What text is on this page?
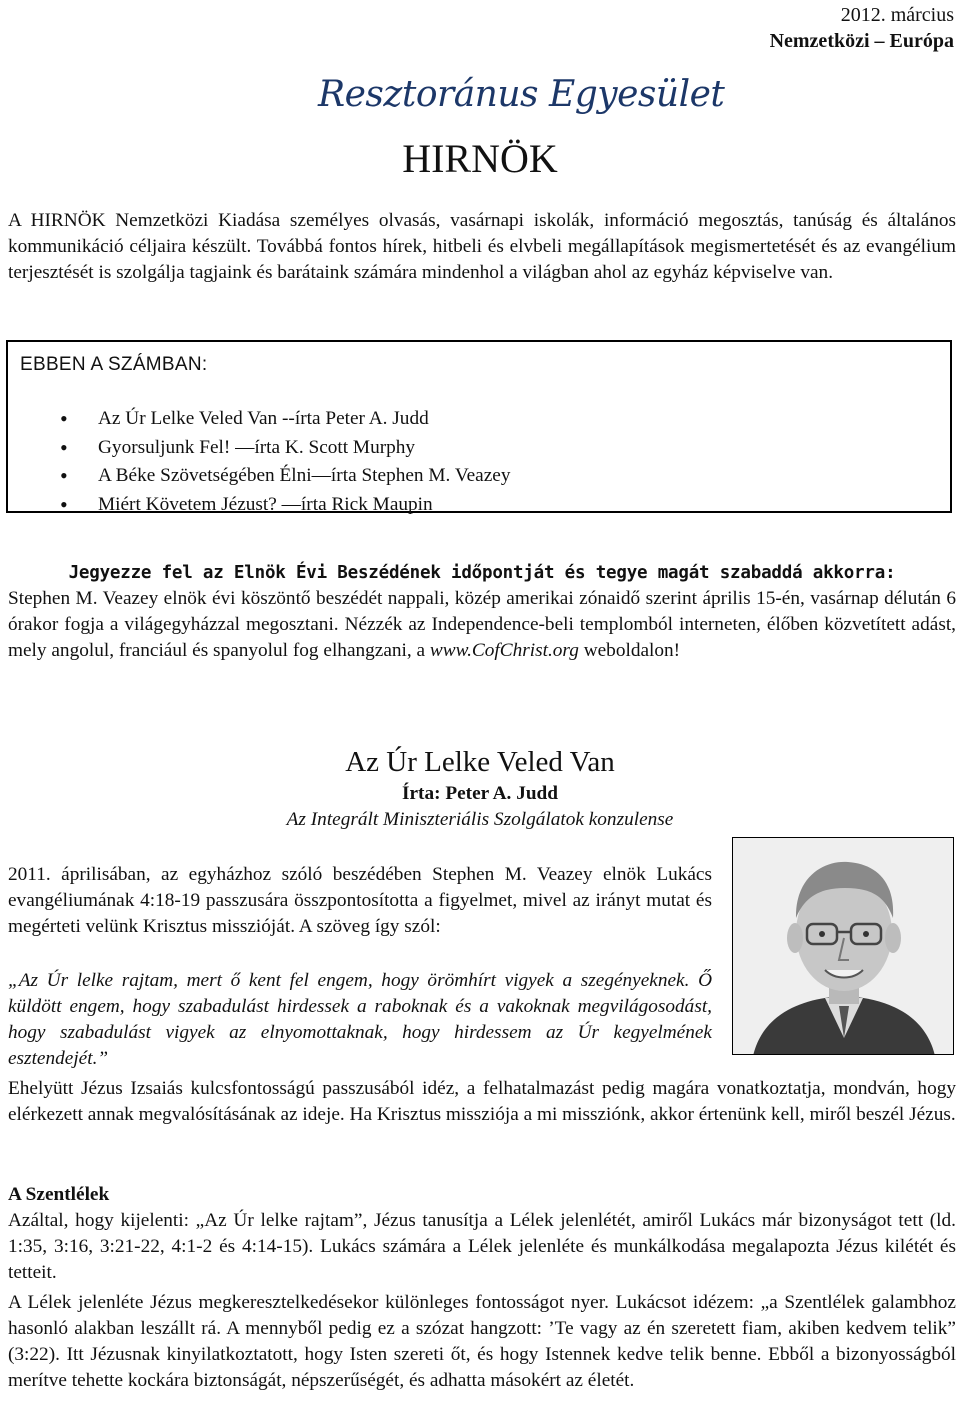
2012. március
Nemzetközi – Európa
Resztoránus Egyesület
HIRNÖK
A HIRNÖK Nemzetközi Kiadása személyes olvasás, vasárnapi iskolák, információ megosztás, tanúság és általános kommunikáció céljaira készült. Továbbá fontos hírek, hitbeli és elvbeli megállapítások megismertetését és az evangélium terjesztését is szolgálja tagjaink és barátaink számára mindenhol a világban ahol az egyház képviselve van.
EBBEN A SZÁMBAN:
• Az Úr Lelke Veled Van --írta Peter A. Judd
• Gyorsuljunk Fel! —írta K. Scott Murphy
• A Béke Szövetségében Élni—írta Stephen M. Veazey
• Miért Követem Jézust? —írta Rick Maupin
Jegyezze fel az Elnök Évi Beszédének időpontját és tegye magát szabaddá akkorra:
Stephen M. Veazey elnök évi köszöntő beszédét nappali, közép amerikai zónaidő szerint április 15-én, vasárnap délután 6 órakor fogja a világegyházzal megosztani. Nézzék az Independence-beli templomból interneten, élőben közvetített adást, mely angolul, franciául és spanyolul fog elhangzani, a www.CofChrist.org weboldalon!
Az Úr Lelke Veled Van
Írta: Peter A. Judd
Az Integrált Miniszteriális Szolgálatok konzulense
2011. áprilisában, az egyházhoz szóló beszédében Stephen M. Veazey elnök Lukács evangéliumának 4:18-19 passzusára összpontosította a figyelmet, mivel az irányt mutat és megérteti velünk Krisztus misszióját. A szöveg így szól:
„Az Úr lelke rajtam, mert ő kent fel engem, hogy örömhírt vigyek a szegényeknek. Ő küldött engem, hogy szabadulást hirdessek a raboknak és a vakoknak megvilágosodást, hogy szabadulást vigyek az elnyomottaknak, hogy hirdessem az Úr kegyelmének esztendejét.”
Ehelyütt Jézus Izsaiás kulcsfontosságú passzusából idéz, a felhatalmazást pedig magára vonatkoztatja, mondván, hogy elérkezett annak megvalósításának az ideje. Ha Krisztus missziója a mi missziónk, akkor értenünk kell, miről beszél Jézus.
A Szentlélek
Azáltal, hogy kijelenti: „Az Úr lelke rajtam”, Jézus tanusítja a Lélek jelenlétét, amiről Lukács már bizonyságot tett (ld. 1:35, 3:16, 3:21-22, 4:1-2 és 4:14-15). Lukács számára a Lélek jelenléte és munkálkodása megalapozta Jézus kilétét és tetteit.
A Lélek jelenléte Jézus megkeresztelkedésekor különleges fontosságot nyer. Lukácsot idézem: „a Szentlélek galambhoz hasonló alakban leszállt rá. A mennyből pedig ez a szózat hangzott: ’Te vagy az én szeretett fiam, akiben kedvem telik” (3:22). Itt Jézusnak kinyilatkoztatott, hogy Isten szereti őt, és hogy Istennek kedve telik benne. Ebből a bizonyosságból merítve tehette kockára biztonságát, népszerűségét, és adhatta másokért az életét.
